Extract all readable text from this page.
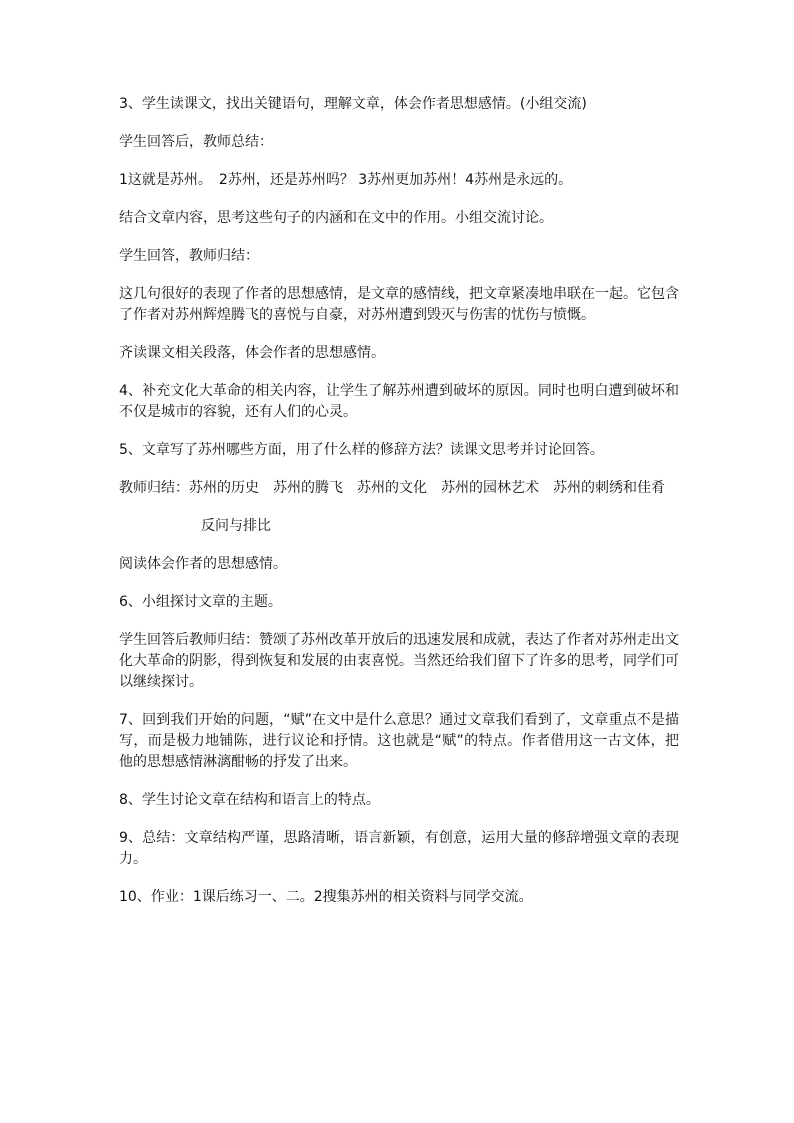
3、学生读课文，找出关键语句，理解文章，体会作者思想感情。(小组交流)

学生回答后，教师总结：

1这就是苏州。　2苏州，还是苏州吗？ 3苏州更加苏州！4苏州是永远的。

结合文章内容，思考这些句子的内涵和在文中的作用。小组交流讨论。

学生回答，教师归结：

这几句很好的表现了作者的思想感情，是文章的感情线，把文章紧凑地串联在一起。它包含了作者对苏州辉煌腾飞的喜悦与自豪，对苏州遭到毁灭与伤害的忧伤与愤慨。

齐读课文相关段落，体会作者的思想感情。

4、补充文化大革命的相关内容，让学生了解苏州遭到破坏的原因。同时也明白遭到破坏和不仅是城市的容貌，还有人们的心灵。

5、文章写了苏州哪些方面，用了什么样的修辞方法？读课文思考并讨论回答。

教师归结：苏州的历史　苏州的腾飞　苏州的文化　苏州的园林艺术　苏州的刺绣和佳肴

反问与排比

阅读体会作者的思想感情。

6、小组探讨文章的主题。

学生回答后教师归结：赞颂了苏州改革开放后的迅速发展和成就，表达了作者对苏州走出文化大革命的阴影，得到恢复和发展的由衷喜悦。当然还给我们留下了许多的思考，同学们可以继续探讨。

7、回到我们开始的问题，“赋”在文中是什么意思？通过文章我们看到了，文章重点不是描写，而是极力地铺陈，进行议论和抒情。这也就是“赋”的特点。作者借用这一古文体，把他的思想感情淋漓酣畅的抒发了出来。

8、学生讨论文章在结构和语言上的特点。

9、总结：文章结构严谨，思路清晰，语言新颖，有创意，运用大量的修辞增强文章的表现力。

10、作业：1课后练习一、二。2搜集苏州的相关资料与同学交流。
